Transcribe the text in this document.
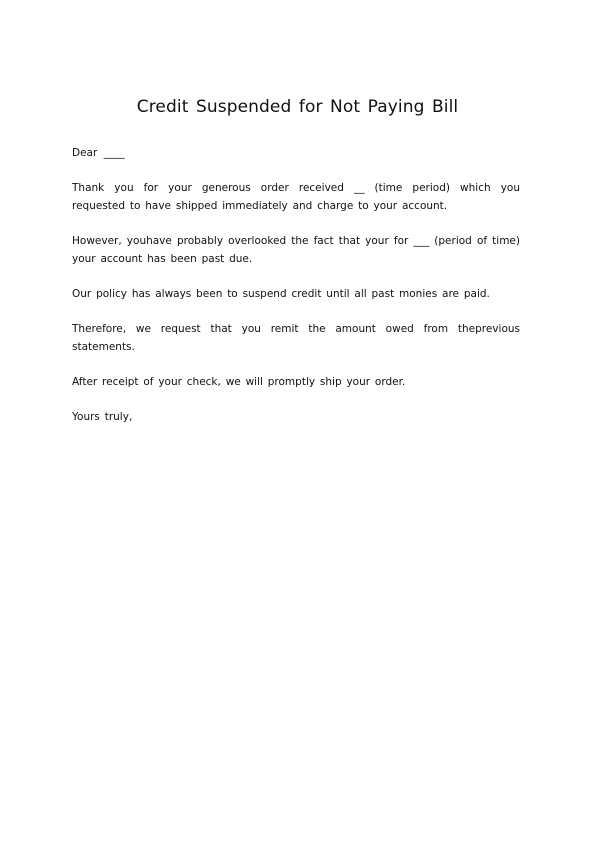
Credit Suspended for Not Paying Bill

Dear ____

Thank you for your generous order received __ (time period) which you requested to have shipped immediately and charge to your account.

However, youhave probably overlooked the fact that your for ___ (period of time) your account has been past due.

Our policy has always been to suspend credit until all past monies are paid.

Therefore, we request that you remit the amount owed from theprevious statements.

After receipt of your check, we will promptly ship your order.

Yours truly,
